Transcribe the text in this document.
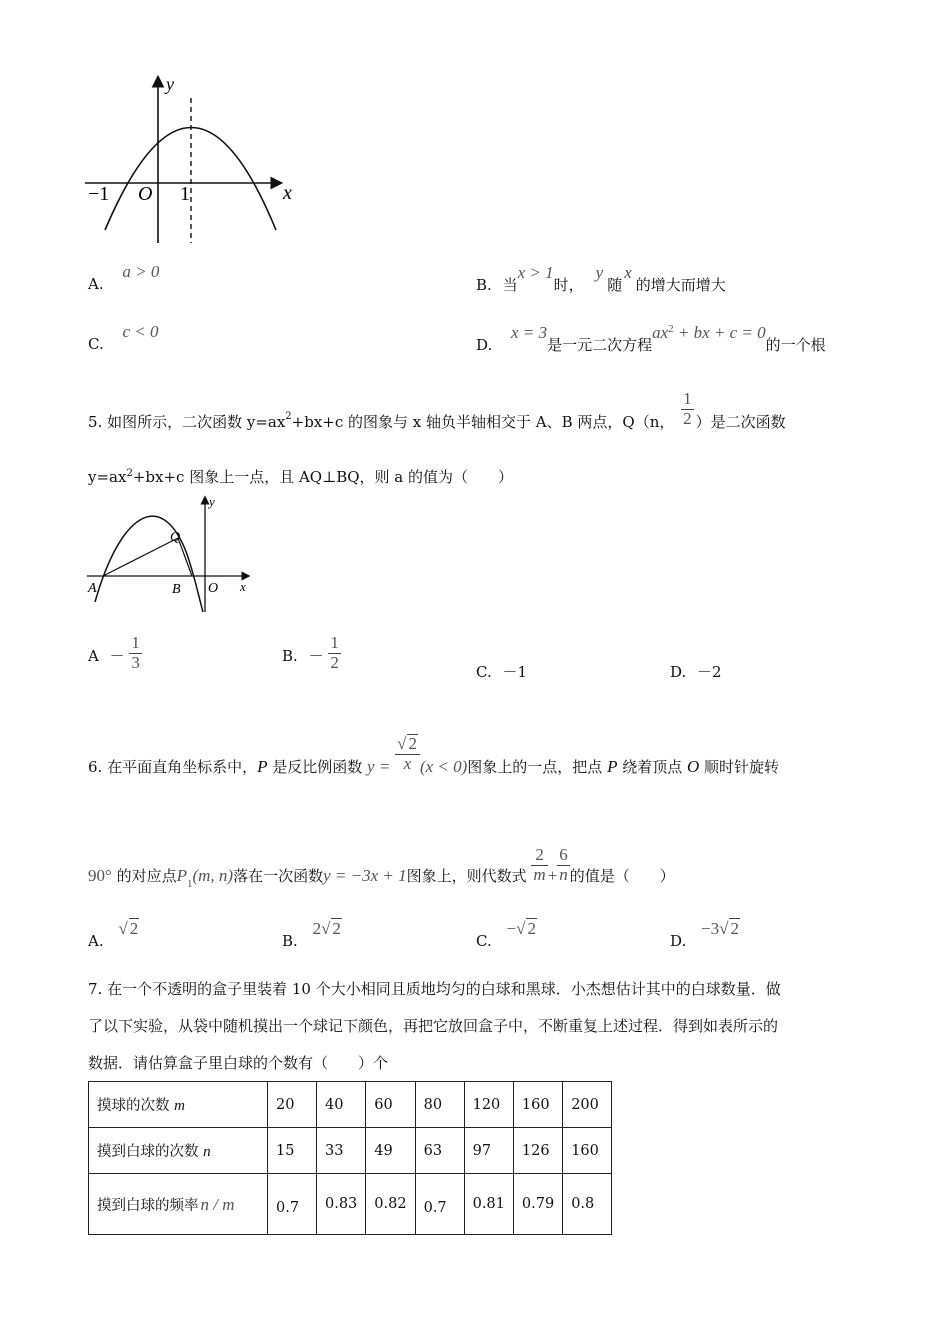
y
x
−1 O 1
A. a > 0
B. 当x > 1时，y随x的增大而增大
C. c < 0
D. x = 3是一元二次方程$ax^2$ + bx + c = 0的一个根
5. 如图所示，二次函数 $y=ax^2+bx+c$ 的图象与 x 轴负半轴相交于 A、B 两点，Q（n， $\frac{1}{2}$ ）是二次函数
$y=ax^2+bx+c$ 图象上一点，且 AQ⊥BQ，则 a 的值为（　　）
y
x
Q
A	B O
$A - \frac{1}{3}$	B. － $\frac{1}{2}$	C. －1	D. －2
6. 在平面直角坐标系中，P 是反比例函数 $y = \frac{√ 2}{x} (x < 0)$图象上的一点，把点 P 绕着顶点 O 顺时针旋转
90° 的对应点$P_1(m$, n)落在一次函数y = −3x + 1图象上，则代数式 $\frac{2}{m} + \frac{6}{n}$ 的值是（　　）
A. √ 2
B. 2√ 2
C. −√ 2
D. −3√ 2
7. 在一个不透明的盒子里装着 10 个大小相同且质地均匀的白球和黑球．小杰想估计其中的白球数量．做
了以下实验，从袋中随机摸出一个球记下颜色，再把它放回盒子中，不断重复上述过程．得到如表所示的
数据．请估算盒子里白球的个数有（　　）个
摸球的次数 m	20	40	60	80	120	160	200
摸到白球的次数 n	15	33	49	63	97	126	160
摸到白球的频率 n / m	0.7	0.83	0.82	0.7	0.81	0.79	0.8
